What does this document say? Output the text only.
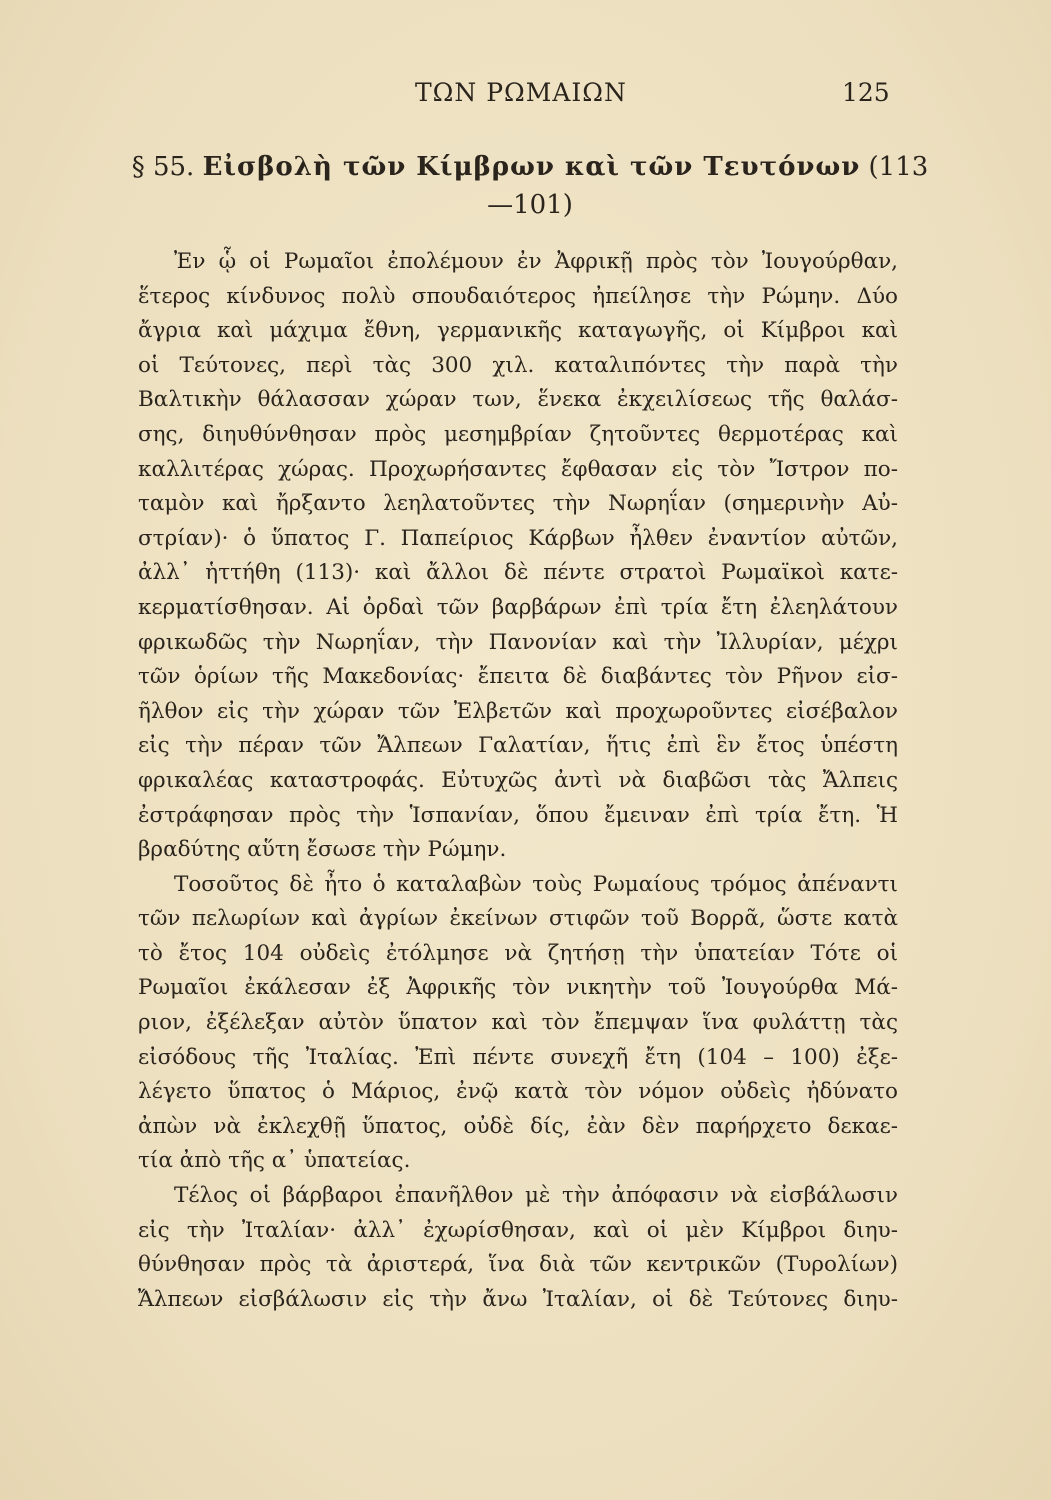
ΤΩΝ ΡΩΜΑΙΩΝ	125
§ 55. Εἰσβολὴ τῶν Κίμβρων καὶ τῶν Τευτόνων (113—101)
Ἐν ᾧ οἱ Ρωμαῖοι ἐπολέμουν ἐν Ἀφρικῇ πρὸς τὸν Ἰουγούρθαν,
ἕτερος κίνδυνος πολὺ σπουδαιότερος ἠπείλησε τὴν Ρώμην. Δύο
ἄγρια καὶ μάχιμα ἔθνη, γερμανικῆς καταγωγῆς, οἱ Κίμβροι καὶ
οἱ Τεύτονες, περὶ τὰς 300 χιλ. καταλιπόντες τὴν παρὰ τὴν
Βαλτικὴν θάλασσαν χώραν των, ἕνεκα ἐκχειλίσεως τῆς θαλάσ-
σης, διηυθύνθησαν πρὸς μεσημβρίαν ζητοῦντες θερμοτέρας καὶ
καλλιτέρας χώρας. Προχωρήσαντες ἔφθασαν εἰς τὸν Ἴστρον πο-
ταμὸν καὶ ἤρξαντο λεηλατοῦντες τὴν Νωρηΐαν (σημερινὴν Αὐ-
στρίαν)· ὁ ὕπατος Γ. Παπείριος Κάρβων ἦλθεν ἐναντίον αὐτῶν,
ἀλλ᾽ ἡττήθη (113)· καὶ ἄλλοι δὲ πέντε στρατοὶ Ρωμαϊκοὶ κατε-
κερματίσθησαν. Αἱ ὀρδαὶ τῶν βαρβάρων ἐπὶ τρία ἔτη ἐλεηλάτουν
φρικωδῶς τὴν Νωρηΐαν, τὴν Πανονίαν καὶ τὴν Ἰλλυρίαν, μέχρι
τῶν ὁρίων τῆς Μακεδονίας· ἔπειτα δὲ διαβάντες τὸν Ρῆνον εἰσ-
ῆλθον εἰς τὴν χώραν τῶν Ἐλβετῶν καὶ προχωροῦντες εἰσέβαλον
εἰς τὴν πέραν τῶν Ἄλπεων Γαλατίαν, ἥτις ἐπὶ ἓν ἔτος ὑπέστη
φρικαλέας καταστροφάς. Εὐτυχῶς ἀντὶ νὰ διαβῶσι τὰς Ἄλπεις
ἐστράφησαν πρὸς τὴν Ἱσπανίαν, ὅπου ἔμειναν ἐπὶ τρία ἔτη. Ἡ
βραδύτης αὕτη ἔσωσε τὴν Ρώμην.
Τοσοῦτος δὲ ἦτο ὁ καταλαβὼν τοὺς Ρωμαίους τρόμος ἀπέναντι
τῶν πελωρίων καὶ ἀγρίων ἐκείνων στιφῶν τοῦ Βορρᾶ, ὥστε κατὰ
τὸ ἔτος 104 οὐδεὶς ἐτόλμησε νὰ ζητήσῃ τὴν ὑπατείαν Τότε οἱ
Ρωμαῖοι ἐκάλεσαν ἐξ Ἀφρικῆς τὸν νικητὴν τοῦ Ἰουγούρθα Μά-
ριον, ἐξέλεξαν αὐτὸν ὕπατον καὶ τὸν ἔπεμψαν ἵνα φυλάττῃ τὰς
εἰσόδους τῆς Ἰταλίας. Ἐπὶ πέντε συνεχῆ ἔτη (104 – 100) ἐξε-
λέγετο ὕπατος ὁ Μάριος, ἐνῷ κατὰ τὸν νόμον οὐδεὶς ἠδύνατο
ἀπὼν νὰ ἐκλεχθῇ ὕπατος, οὐδὲ δίς, ἐὰν δὲν παρήρχετο δεκαε-
τία ἀπὸ τῆς α᾽ ὑπατείας.
Τέλος οἱ βάρβαροι ἐπανῆλθον μὲ τὴν ἀπόφασιν νὰ εἰσβάλωσιν
εἰς τὴν Ἰταλίαν· ἀλλ᾽ ἐχωρίσθησαν, καὶ οἱ μὲν Κίμβροι διηυ-
θύνθησαν πρὸς τὰ ἀριστερά, ἵνα διὰ τῶν κεντρικῶν (Τυρολίων)
Ἄλπεων εἰσβάλωσιν εἰς τὴν ἄνω Ἰταλίαν, οἱ δὲ Τεύτονες διηυ-
